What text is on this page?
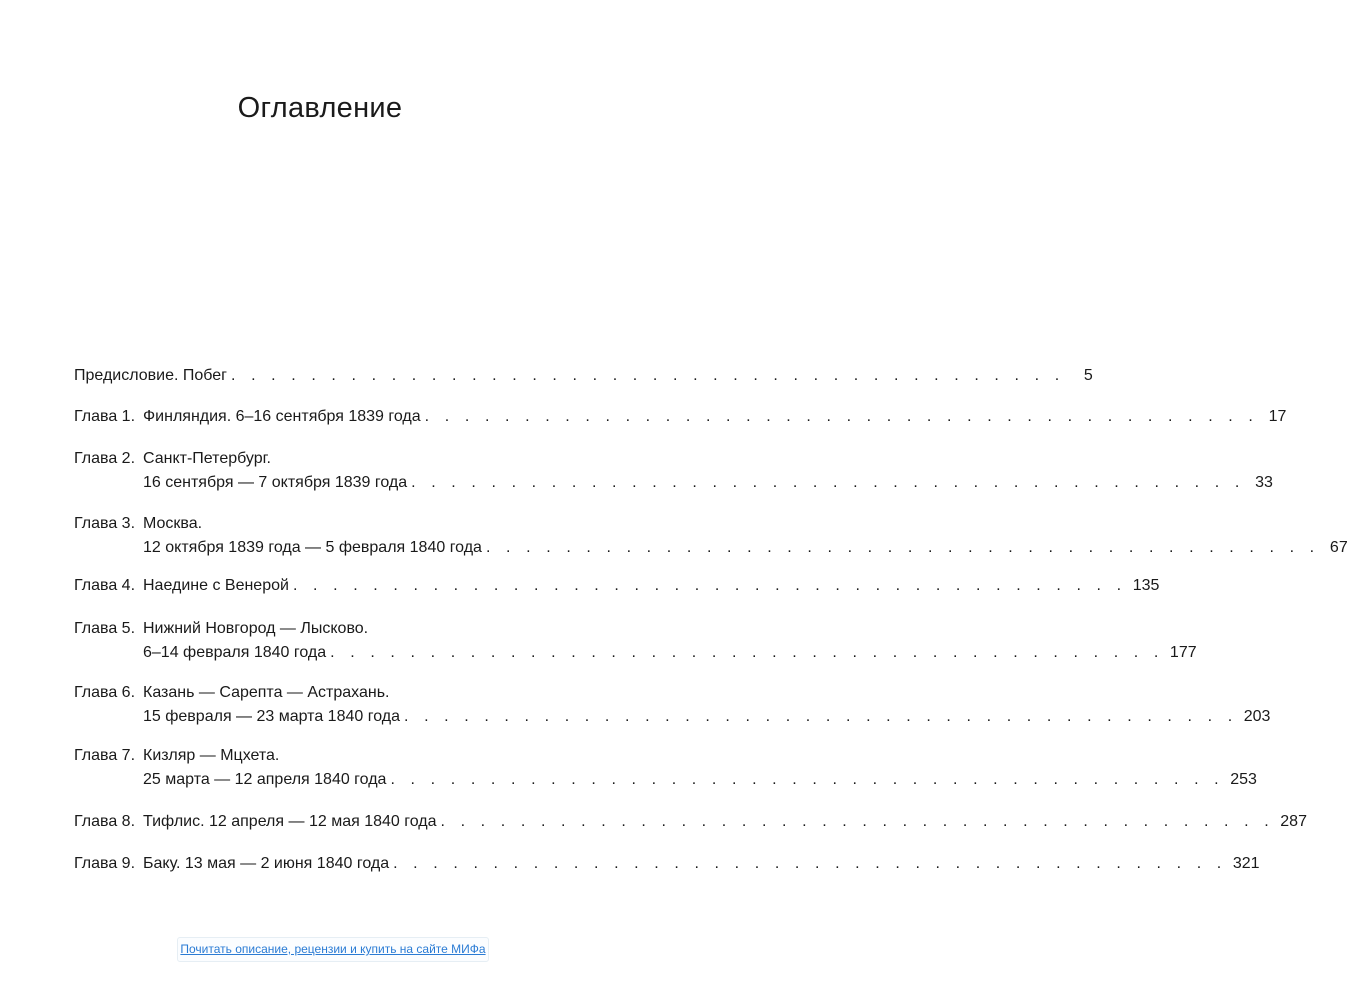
Оглавление
Предисловие. Побег . . . . . . . . . . . . . . . . . . . . . . . . . . . . . . . . . . . . . . . . . .	5
Глава 1. Финляндия. 6–16 сентября 1839 года . . . . . . . . . . . . . . . . . . . . . . . . . . . . . . . . . . . . . . . . . . 17
Глава 2. Санкт-Петербург.
16 сентября — 7 октября 1839 года . . . . . . . . . . . . . . . . . . . . . . . . . . . . . . . . . . . . . . . . . . 33
Глава 3. Москва.
12 октября 1839 года — 5 февраля 1840 года . . . . . . . . . . . . . . . . . . . . . . . . . . . . . . . . . . . . . . . . . . 67
Глава 4. Наедине с Венерой . . . . . . . . . . . . . . . . . . . . . . . . . . . . . . . . . . . . . . . . . . 135
Глава 5. Нижний Новгород — Лысково.
6–14 февраля 1840 года . . . . . . . . . . . . . . . . . . . . . . . . . . . . . . . . . . . . . . . . . . 177
Глава 6. Казань — Сарепта — Астрахань.
15 февраля — 23 марта 1840 года . . . . . . . . . . . . . . . . . . . . . . . . . . . . . . . . . . . . . . . . . . 203
Глава 7. Кизляр — Мцхета.
25 марта — 12 апреля 1840 года . . . . . . . . . . . . . . . . . . . . . . . . . . . . . . . . . . . . . . . . . . 253
Глава 8. Тифлис. 12 апреля — 12 мая 1840 года . . . . . . . . . . . . . . . . . . . . . . . . . . . . . . . . . . . . . . . . . . 287
Глава 9. Баку. 13 мая — 2 июня 1840 года . . . . . . . . . . . . . . . . . . . . . . . . . . . . . . . . . . . . . . . . . . 321
Почитать описание, рецензии и купить на сайте МИФа
